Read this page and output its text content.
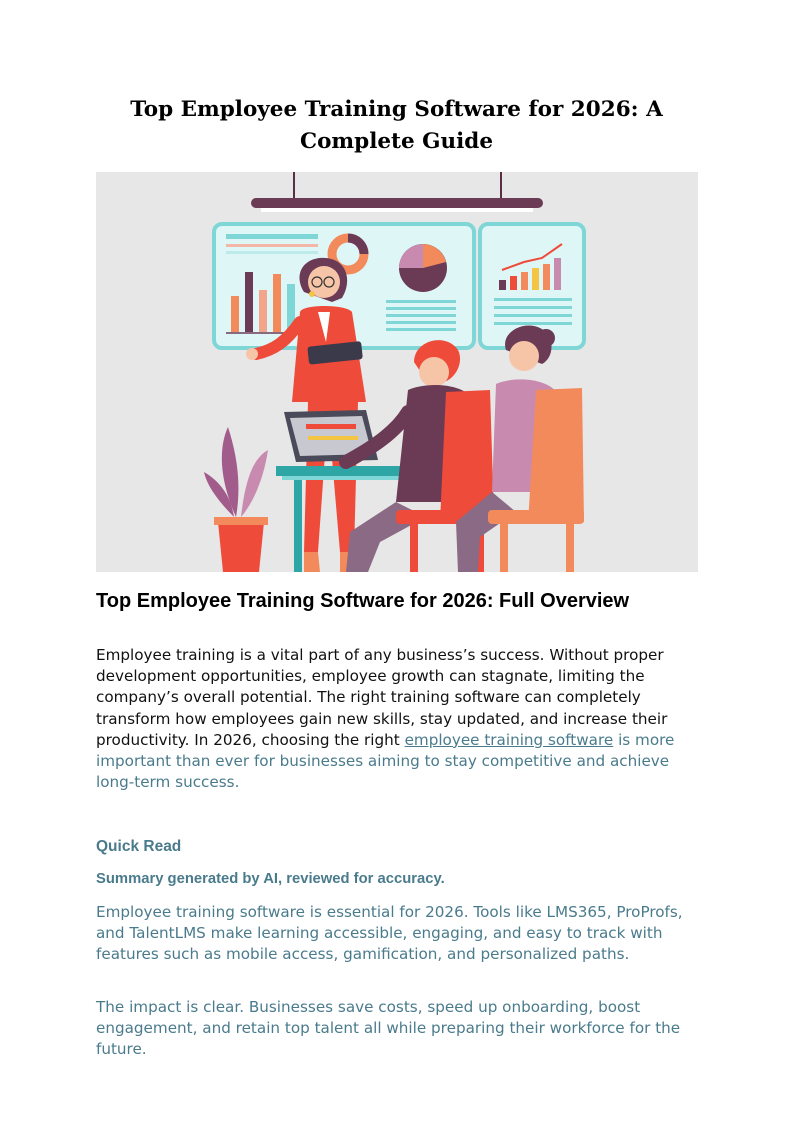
Top Employee Training Software for 2026: A Complete Guide
Top Employee Training Software for 2026: Full Overview

Employee training is a vital part of any business’s success. Without proper development opportunities, employee growth can stagnate, limiting the company’s overall potential. The right training software can completely transform how employees gain new skills, stay updated, and increase their productivity. In 2026, choosing the right employee training software is more important than ever for businesses aiming to stay competitive and achieve long-term success.

Quick Read

Summary generated by AI, reviewed for accuracy.

Employee training software is essential for 2026. Tools like LMS365, ProProfs, and TalentLMS make learning accessible, engaging, and easy to track with features such as mobile access, gamification, and personalized paths.

The impact is clear. Businesses save costs, speed up onboarding, boost engagement, and retain top talent all while preparing their workforce for the future.
